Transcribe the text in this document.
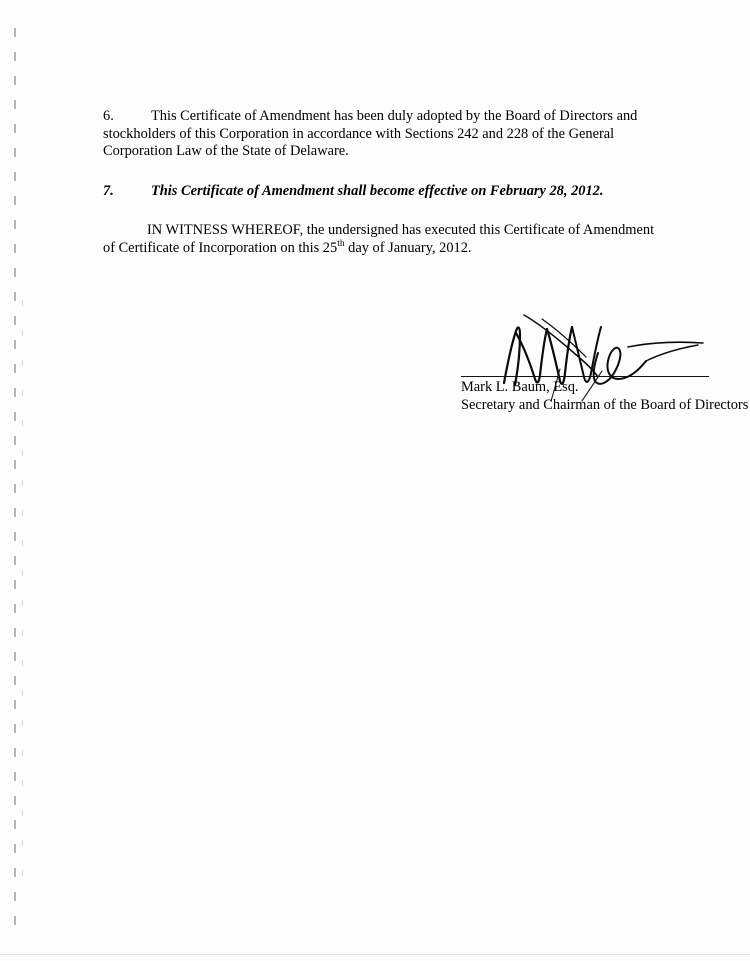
6.	This Certificate of Amendment has been duly adopted by the Board of Directors and stockholders of this Corporation in accordance with Sections 242 and 228 of the General Corporation Law of the State of Delaware.

7.	This Certificate of Amendment shall become effective on February 28, 2012.

IN WITNESS WHEREOF, the undersigned has executed this Certificate of Amendment
of Certificate of Incorporation on this 25th day of January, 2012.

Mark L. Baum, Esq.
Secretary and Chairman of the Board of Directors
